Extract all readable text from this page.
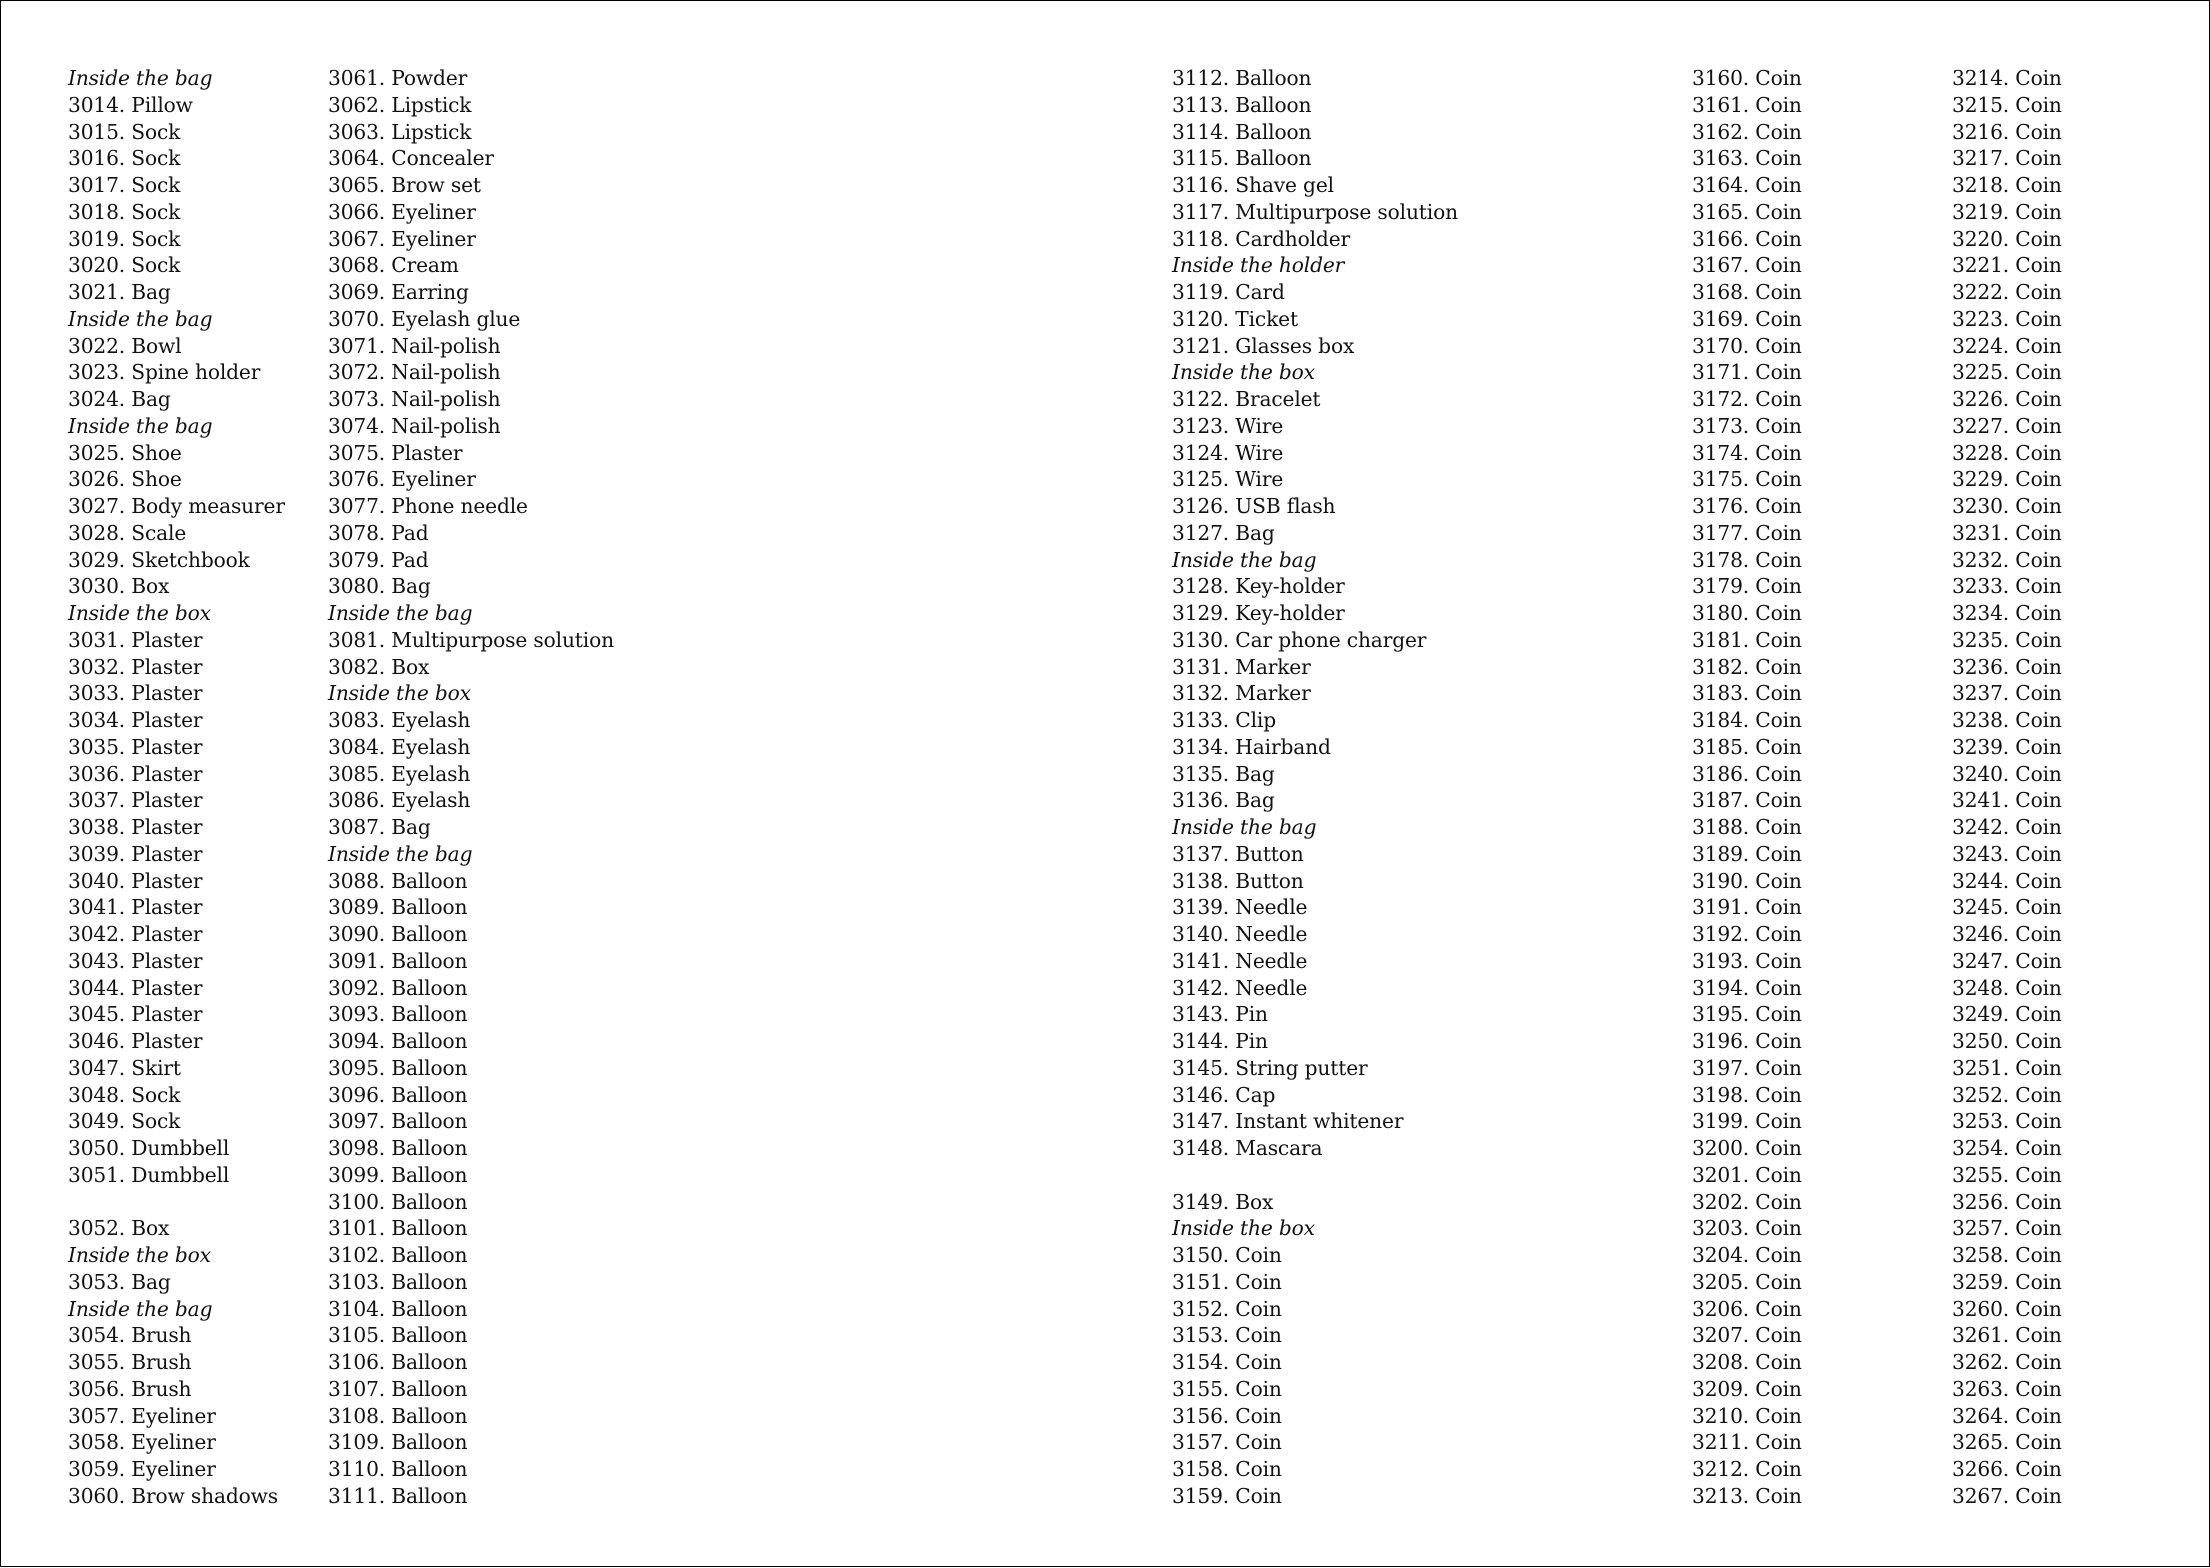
Inside the bag
3014. Pillow
3015. Sock
3016. Sock
3017. Sock
3018. Sock
3019. Sock
3020. Sock
3021. Bag
Inside the bag
3022. Bowl
3023. Spine holder
3024. Bag
Inside the bag
3025. Shoe
3026. Shoe
3027. Body measurer
3028. Scale
3029. Sketchbook
3030. Box
Inside the box
3031. Plaster
3032. Plaster
3033. Plaster
3034. Plaster
3035. Plaster
3036. Plaster
3037. Plaster
3038. Plaster
3039. Plaster
3040. Plaster
3041. Plaster
3042. Plaster
3043. Plaster
3044. Plaster
3045. Plaster
3046. Plaster
3047. Skirt
3048. Sock
3049. Sock
3050. Dumbbell
3051. Dumbbell
3052. Box
Inside the box
3053. Bag
Inside the bag
3054. Brush
3055. Brush
3056. Brush
3057. Eyeliner
3058. Eyeliner
3059. Eyeliner
3060. Brow shadows
3061. Powder
3062. Lipstick
3063. Lipstick
3064. Concealer
3065. Brow set
3066. Eyeliner
3067. Eyeliner
3068. Cream
3069. Earring
3070. Eyelash glue
3071. Nail-polish
3072. Nail-polish
3073. Nail-polish
3074. Nail-polish
3075. Plaster
3076. Eyeliner
3077. Phone needle
3078. Pad
3079. Pad
3080. Bag
Inside the bag
3081. Multipurpose solution
3082. Box
Inside the box
3083. Eyelash
3084. Eyelash
3085. Eyelash
3086. Eyelash
3087. Bag
Inside the bag
3088. Balloon
3089. Balloon
3090. Balloon
3091. Balloon
3092. Balloon
3093. Balloon
3094. Balloon
3095. Balloon
3096. Balloon
3097. Balloon
3098. Balloon
3099. Balloon
3100. Balloon
3101. Balloon
3102. Balloon
3103. Balloon
3104. Balloon
3105. Balloon
3106. Balloon
3107. Balloon
3108. Balloon
3109. Balloon
3110. Balloon
3111. Balloon
3112. Balloon
3113. Balloon
3114. Balloon
3115. Balloon
3116. Shave gel
3117. Multipurpose solution
3118. Cardholder
Inside the holder
3119. Card
3120. Ticket
3121. Glasses box
Inside the box
3122. Bracelet
3123. Wire
3124. Wire
3125. Wire
3126. USB flash
3127. Bag
Inside the bag
3128. Key-holder
3129. Key-holder
3130. Car phone charger
3131. Marker
3132. Marker
3133. Clip
3134. Hairband
3135. Bag
3136. Bag
Inside the bag
3137. Button
3138. Button
3139. Needle
3140. Needle
3141. Needle
3142. Needle
3143. Pin
3144. Pin
3145. String putter
3146. Cap
3147. Instant whitener
3148. Mascara
3149. Box
Inside the box
3150. Coin
3151. Coin
3152. Coin
3153. Coin
3154. Coin
3155. Coin
3156. Coin
3157. Coin
3158. Coin
3159. Coin
3160. Coin
3161. Coin
3162. Coin
3163. Coin
3164. Coin
3165. Coin
3166. Coin
3167. Coin
3168. Coin
3169. Coin
3170. Coin
3171. Coin
3172. Coin
3173. Coin
3174. Coin
3175. Coin
3176. Coin
3177. Coin
3178. Coin
3179. Coin
3180. Coin
3181. Coin
3182. Coin
3183. Coin
3184. Coin
3185. Coin
3186. Coin
3187. Coin
3188. Coin
3189. Coin
3190. Coin
3191. Coin
3192. Coin
3193. Coin
3194. Coin
3195. Coin
3196. Coin
3197. Coin
3198. Coin
3199. Coin
3200. Coin
3201. Coin
3202. Coin
3203. Coin
3204. Coin
3205. Coin
3206. Coin
3207. Coin
3208. Coin
3209. Coin
3210. Coin
3211. Coin
3212. Coin
3213. Coin
3214. Coin
3215. Coin
3216. Coin
3217. Coin
3218. Coin
3219. Coin
3220. Coin
3221. Coin
3222. Coin
3223. Coin
3224. Coin
3225. Coin
3226. Coin
3227. Coin
3228. Coin
3229. Coin
3230. Coin
3231. Coin
3232. Coin
3233. Coin
3234. Coin
3235. Coin
3236. Coin
3237. Coin
3238. Coin
3239. Coin
3240. Coin
3241. Coin
3242. Coin
3243. Coin
3244. Coin
3245. Coin
3246. Coin
3247. Coin
3248. Coin
3249. Coin
3250. Coin
3251. Coin
3252. Coin
3253. Coin
3254. Coin
3255. Coin
3256. Coin
3257. Coin
3258. Coin
3259. Coin
3260. Coin
3261. Coin
3262. Coin
3263. Coin
3264. Coin
3265. Coin
3266. Coin
3267. Coin
